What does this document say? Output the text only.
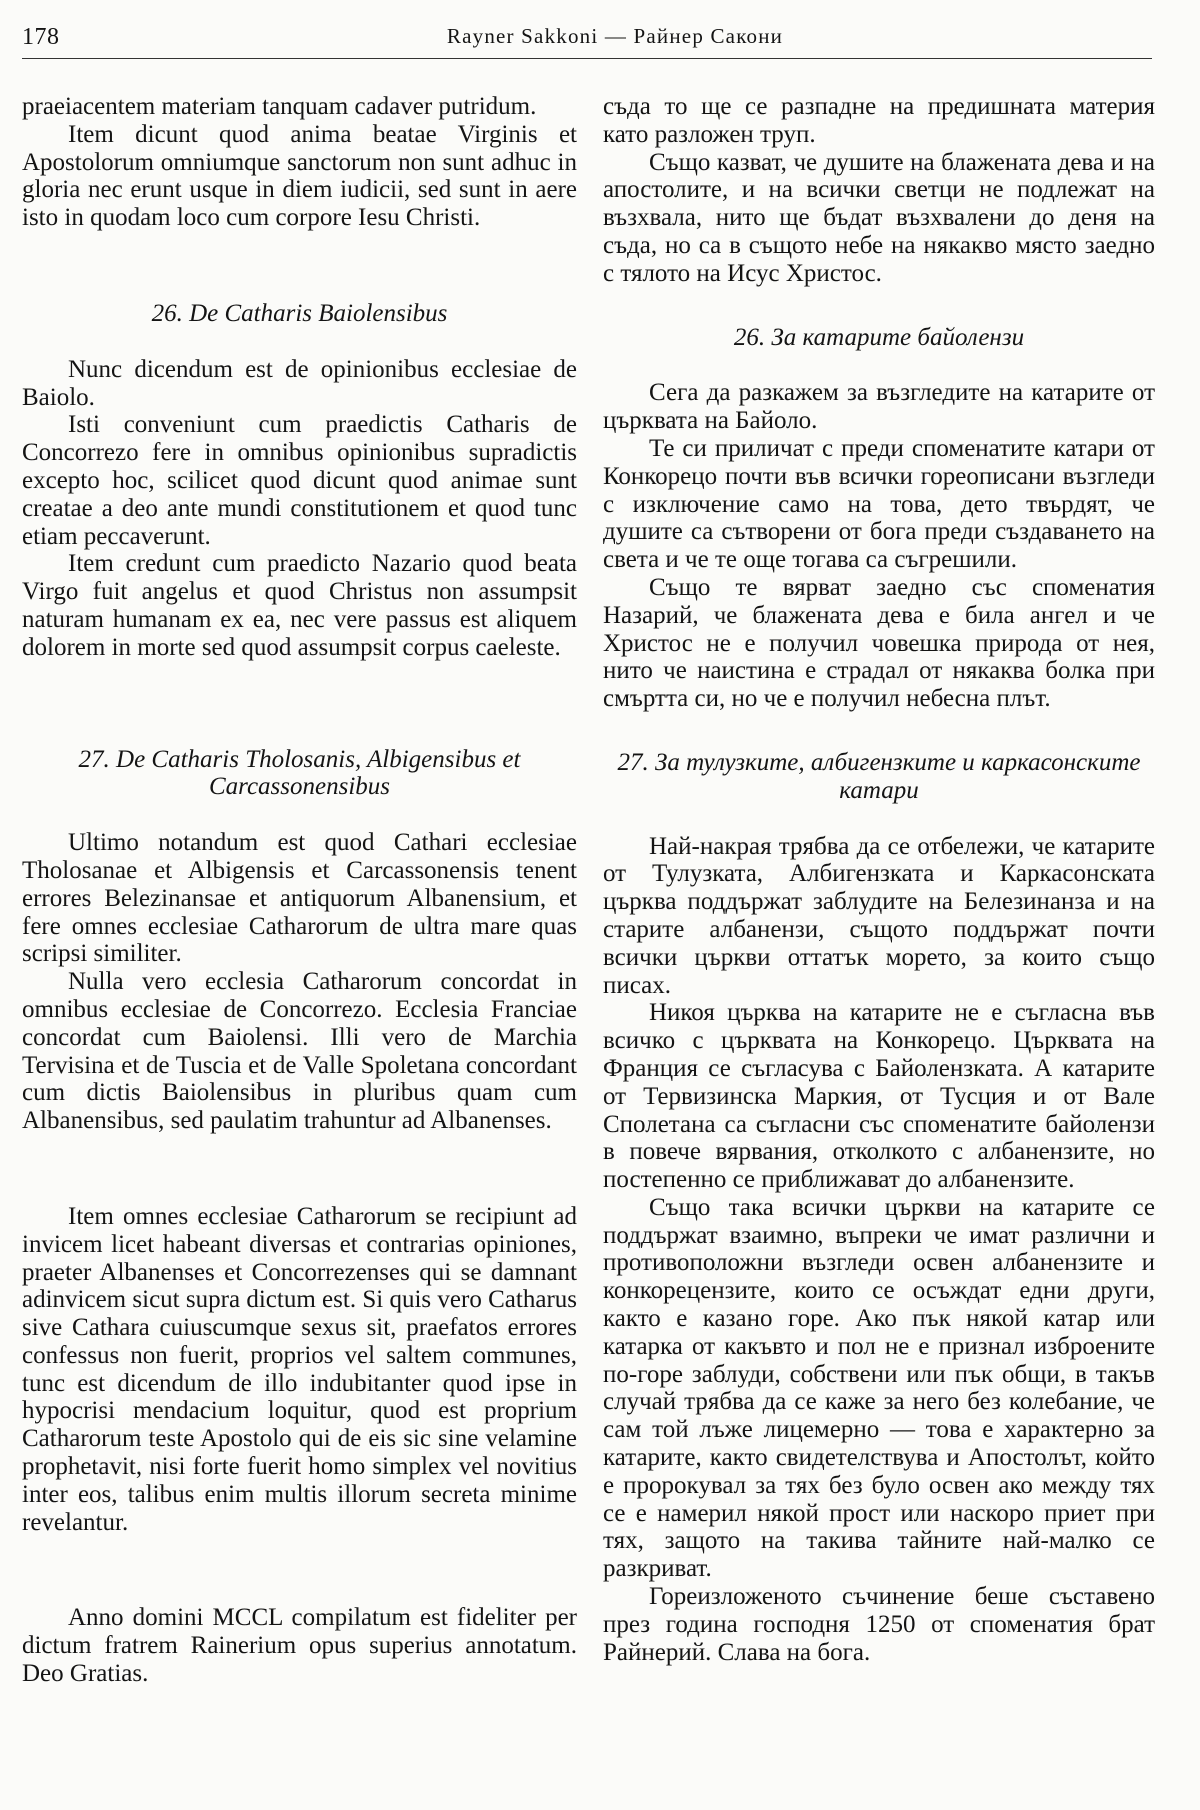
178	Rayner Sakkoni — Райнер Сакони

praeiacentem materiam tanquam cadaver putridum.

Item dicunt quod anima beatae Virginis et Apostolorum omniumque sanctorum non sunt adhuc in gloria nec erunt usque in diem iudicii, sed sunt in aere isto in quodam loco cum corpore Iesu Christi.

26. De Catharis Baiolensibus

Nunc dicendum est de opinionibus ecclesiae de Baiolo.

Isti conveniunt cum praedictis Catharis de Concorrezo fere in omnibus opinionibus supradictis excepto hoc, scilicet quod dicunt quod animae sunt creatae a deo ante mundi constitutionem et quod tunc etiam peccaverunt.

Item credunt cum praedicto Nazario quod beata Virgo fuit angelus et quod Christus non assumpsit naturam humanam ex ea, nec vere passus est aliquem dolorem in morte sed quod assumpsit corpus caeleste.

27. De Catharis Tholosanis, Albigensibus et Carcassonensibus

Ultimo notandum est quod Cathari ecclesiae Tholosanae et Albigensis et Carcassonensis tenent errores Belezinansae et antiquorum Albanensium, et fere omnes ecclesiae Catharorum de ultra mare quas scripsi similiter.

Nulla vero ecclesia Catharorum concordat in omnibus ecclesiae de Concorrezo. Ecclesia Franciae concordat cum Baiolensi. Illi vero de Marchia Tervisina et de Tuscia et de Valle Spoletana concordant cum dictis Baiolensibus in pluribus quam cum Albanensibus, sed paulatim trahuntur ad Albanenses.

Item omnes ecclesiae Catharorum se recipiunt ad invicem licet habeant diversas et contrarias opiniones, praeter Albanenses et Concorrezenses qui se damnant adinvicem sicut supra dictum est. Si quis vero Catharus sive Cathara cuiuscumque sexus sit, praefatos errores confessus non fuerit, proprios vel saltem communes, tunc est dicendum de illo indubitanter quod ipse in hypocrisi mendacium loquitur, quod est proprium Catharorum teste Apostolo qui de eis sic sine velamine prophetavit, nisi forte fuerit homo simplex vel novitius inter eos, talibus enim multis illorum secreta minime revelantur.

Anno domini MCCL compilatum est fideliter per dictum fratrem Rainerium opus superius annotatum. Deo Gratias.

съда то ще се разпадне на предишната материя като разложен труп.

Също казват, че душите на блажената дева и на апостолите, и на всички светци не подлежат на възхвала, нито ще бъдат възхвалени до деня на съда, но са в същото небе на някакво място заедно с тялото на Исус Христос.

26. За катарите байолензи

Сега да разкажем за възгледите на катарите от църквата на Байоло.

Те си приличат с преди споменатите катари от Конкорецо почти във всички гореописани възгледи с изключение само на това, дето твърдят, че душите са сътворени от бога преди създаването на света и че те още тогава са съгрешили.

Също те вярват заедно със споменатия Назарий, че блажената дева е била ангел и че Христос не е получил човешка природа от нея, нито че наистина е страдал от някаква болка при смъртта си, но че е получил небесна плът.

27. За тулузките, албигензките и каркасонските катари

Най-накрая трябва да се отбележи, че катарите от Тулузката, Албигензката и Каркасонската църква поддържат заблудите на Белезинанза и на старите албанензи, същото поддържат почти всички църкви оттатък морето, за които също писах.

Никоя църква на катарите не е съгласна във всичко с църквата на Конкорецо. Църквата на Франция се съгласува с Байолензката. А катарите от Тервизинска Маркия, от Тусция и от Вале Сполетана са съгласни със споменатите байолензи в повече вярвания, отколкото с албанензите, но постепенно се приближават до албанензите.

Също така всички църкви на катарите се поддържат взаимно, въпреки че имат различни и противоположни възгледи освен албанензите и конкорецензите, които се осъждат едни други, както е казано горе. Ако пък някой катар или катарка от какъвто и пол не е признал изброените по-горе заблуди, собствени или пък общи, в такъв случай трябва да се каже за него без колебание, че сам той лъже лицемерно — това е характерно за катарите, както свидетелствува и Апостолът, който е пророкувал за тях без було освен ако между тях се е намерил някой прост или наскоро приет при тях, защото на такива тайните най-малко се разкриват.

Гореизложеното съчинение беше съставено през година господня 1250 от споменатия брат Райнерий. Слава на бога.
